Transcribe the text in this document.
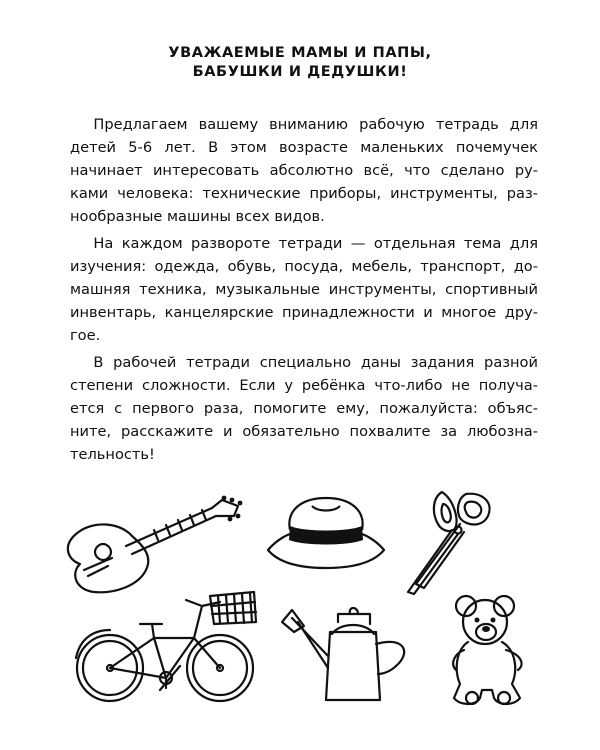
УВАЖАЕМЫЕ МАМЫ И ПАПЫ,
БАБУШКИ И ДЕДУШКИ!
Предлагаем вашему вниманию рабочую тетрадь для
детей 5-6 лет. В этом возрасте маленьких почемучек
начинает интересовать абсолютно всё, что сделано ру-
ками человека: технические приборы, инструменты, раз-
нообразные машины всех видов.
На каждом развороте тетради — отдельная тема для
изучения: одежда, обувь, посуда, мебель, транспорт, до-
машняя техника, музыкальные инструменты, спортивный
инвентарь, канцелярские принадлежности и многое дру-
гое.
В рабочей тетради специально даны задания разной
степени сложности. Если у ребёнка что-либо не получа-
ется с первого раза, помогите ему, пожалуйста: объяс-
ните, расскажите и обязательно похвалите за любозна-
тельность!
